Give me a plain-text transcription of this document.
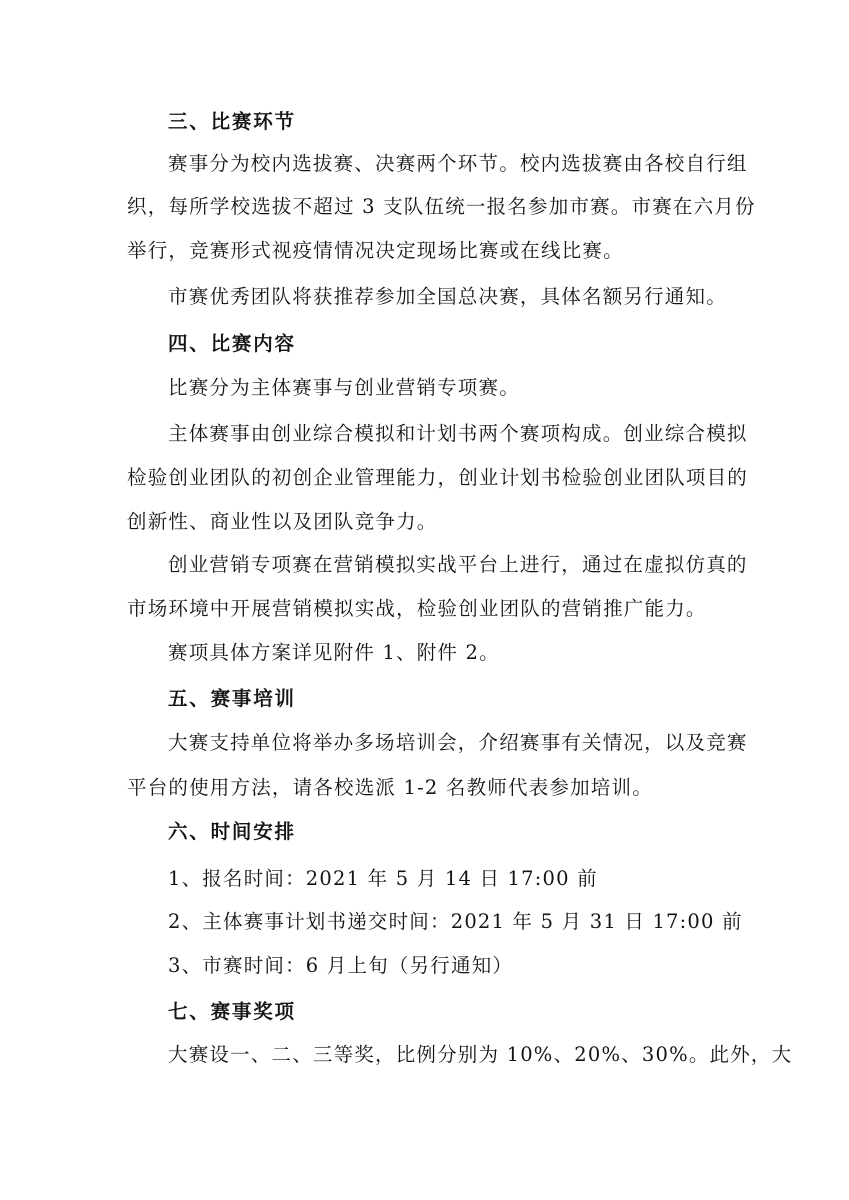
三、比赛环节

赛事分为校内选拔赛、决赛两个环节。校内选拔赛由各校自行组

织，每所学校选拔不超过 3 支队伍统一报名参加市赛。市赛在六月份

举行，竞赛形式视疫情情况决定现场比赛或在线比赛。

市赛优秀团队将获推荐参加全国总决赛，具体名额另行通知。

四、比赛内容

比赛分为主体赛事与创业营销专项赛。

主体赛事由创业综合模拟和计划书两个赛项构成。创业综合模拟

检验创业团队的初创企业管理能力，创业计划书检验创业团队项目的

创新性、商业性以及团队竞争力。

创业营销专项赛在营销模拟实战平台上进行，通过在虚拟仿真的

市场环境中开展营销模拟实战，检验创业团队的营销推广能力。

赛项具体方案详见附件 1、附件 2。

五、赛事培训

大赛支持单位将举办多场培训会，介绍赛事有关情况，以及竞赛

平台的使用方法，请各校选派 1-2 名教师代表参加培训。

六、时间安排

1、报名时间：2021 年 5 月 14 日 17:00 前

2、主体赛事计划书递交时间：2021 年 5 月 31 日 17:00 前

3、市赛时间：6 月上旬（另行通知）

七、赛事奖项

大赛设一、二、三等奖，比例分别为 10%、20%、30%。此外，大
